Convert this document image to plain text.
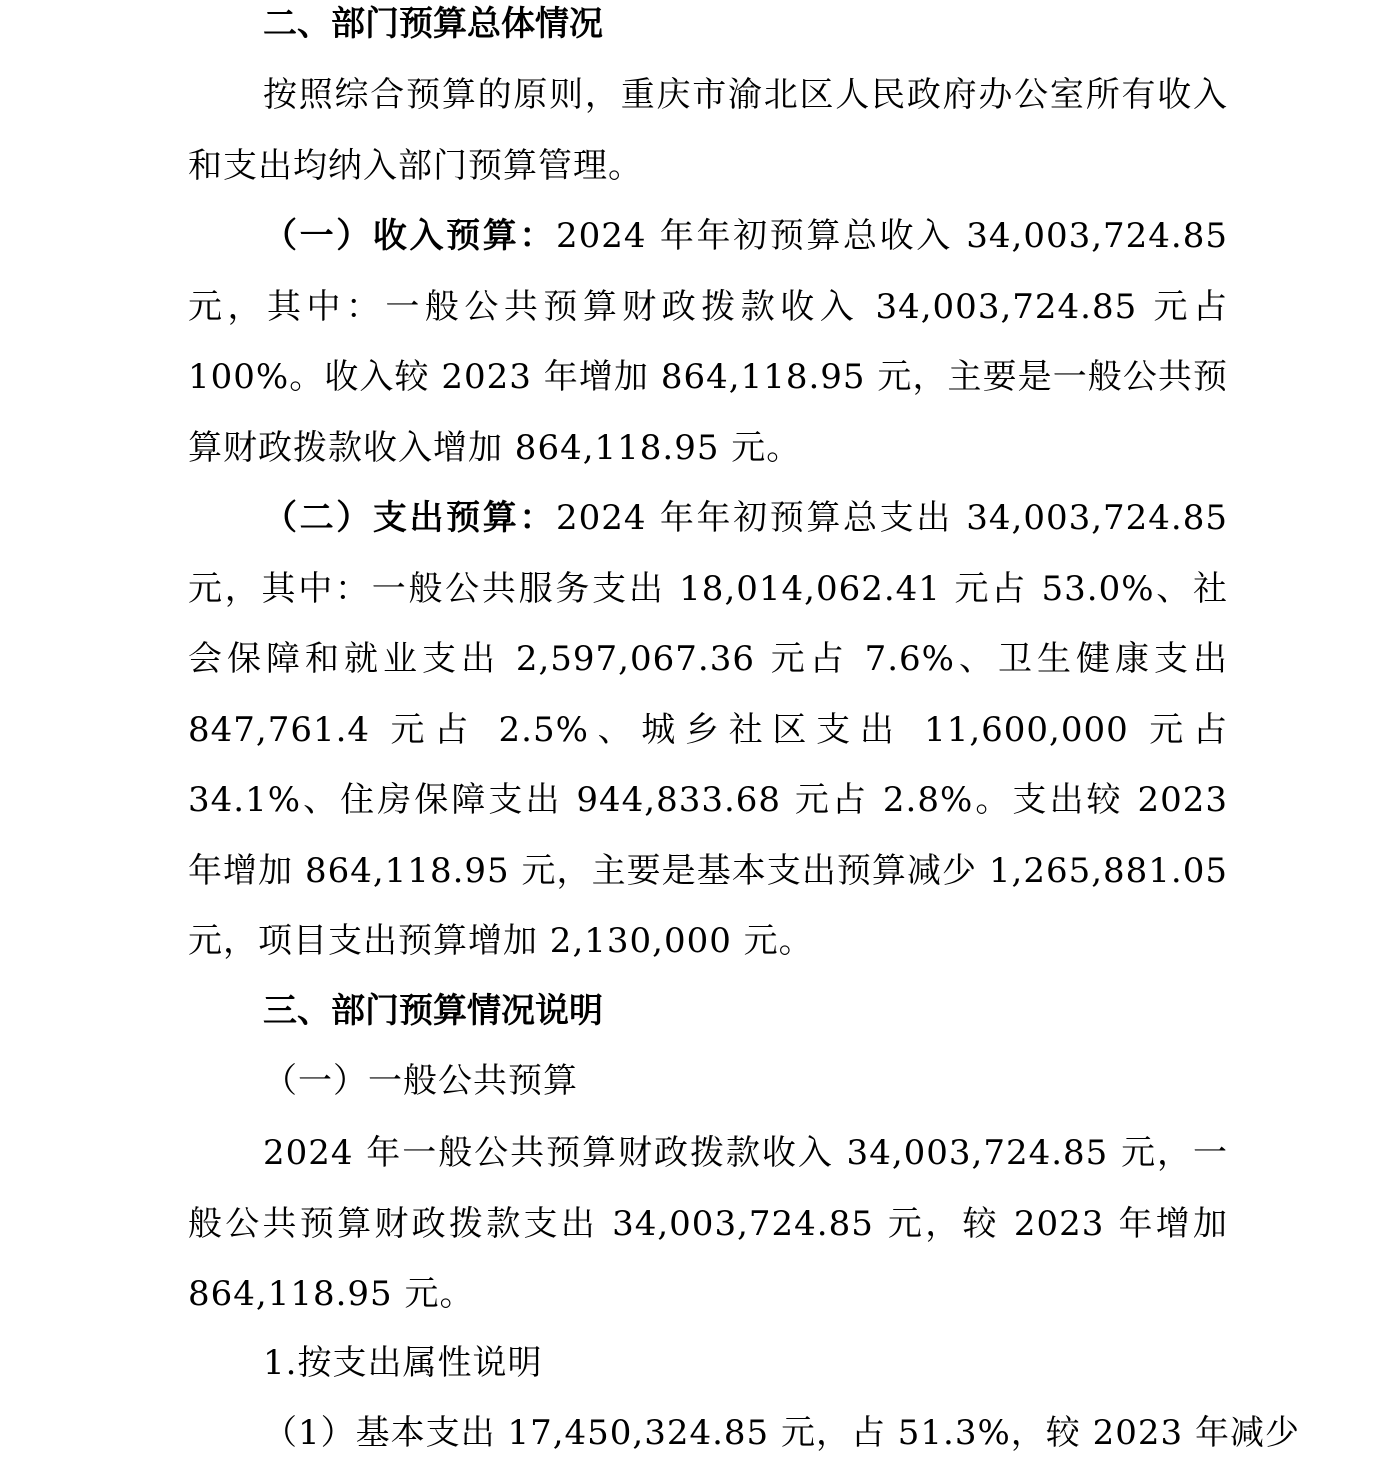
二、部门预算总体情况
按照综合预算的原则，重庆市渝北区人民政府办公室所有收入和支出均纳入部门预算管理。
（一）收入预算：2024 年年初预算总收入 34,003,724.85 元，其中：一般公共预算财政拨款收入 34,003,724.85 元占 100%。收入较 2023 年增加 864,118.95 元，主要是一般公共预算财政拨款收入增加 864,118.95 元。
（二）支出预算：2024 年年初预算总支出 34,003,724.85 元，其中：一般公共服务支出 18,014,062.41 元占 53.0%、社会保障和就业支出 2,597,067.36 元占 7.6%、卫生健康支出 847,761.4 元占 2.5%、城乡社区支出 11,600,000 元占 34.1%、住房保障支出 944,833.68 元占 2.8%。支出较 2023 年增加 864,118.95 元，主要是基本支出预算减少 1,265,881.05 元，项目支出预算增加 2,130,000 元。
三、部门预算情况说明
（一）一般公共预算
2024 年一般公共预算财政拨款收入 34,003,724.85 元，一般公共预算财政拨款支出 34,003,724.85 元，较 2023 年增加 864,118.95 元。
1.按支出属性说明
（1）基本支出 17,450,324.85 元，占 51.3%，较 2023 年减少
